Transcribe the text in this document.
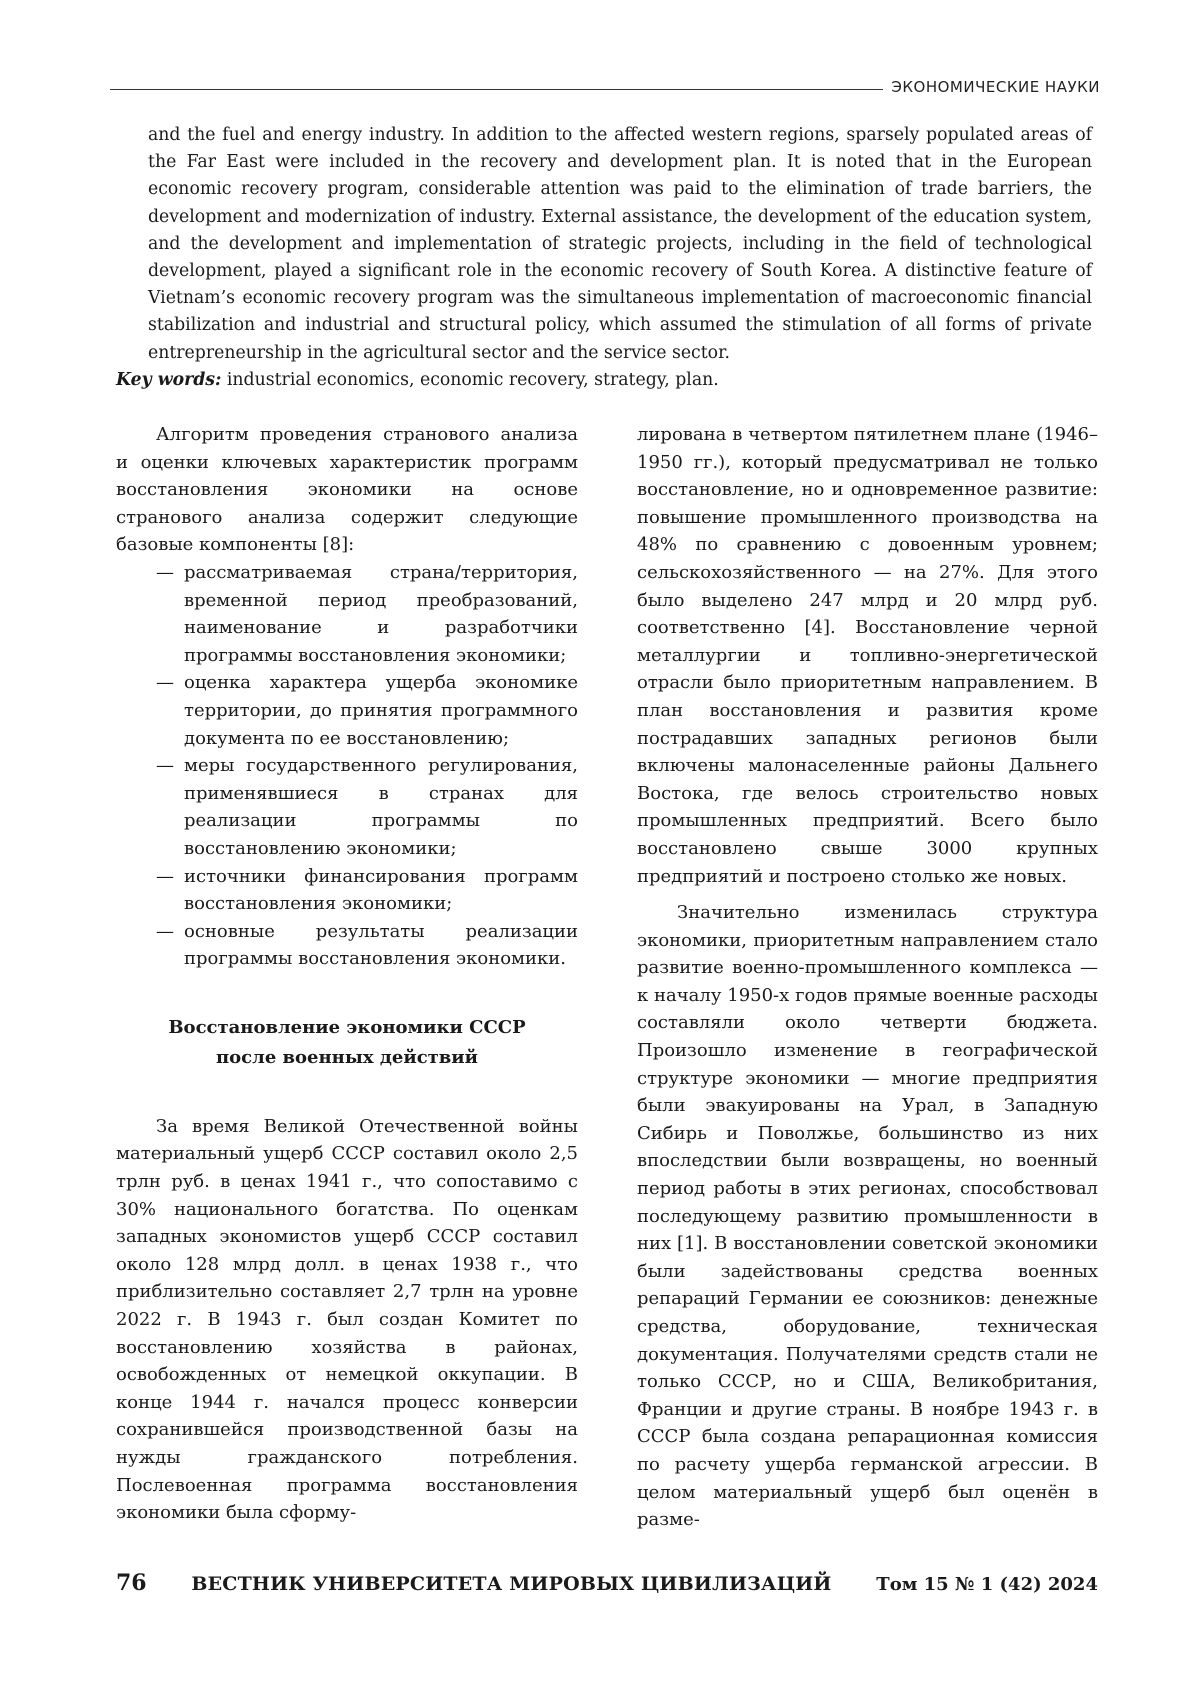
ЭКОНОМИЧЕСКИЕ НАУКИ

and the fuel and energy industry. In addition to the affected western regions, sparsely populated areas of the Far East were included in the recovery and development plan. It is noted that in the European economic recovery program, considerable attention was paid to the elimination of trade barriers, the development and modernization of industry. External assistance, the development of the education system, and the development and implementation of strategic projects, including in the field of technological development, played a significant role in the economic recovery of South Korea. A distinctive feature of Vietnam’s economic recovery program was the simultaneous implementation of macroeconomic financial stabilization and industrial and structural policy, which assumed the stimulation of all forms of private entrepreneurship in the agricultural sector and the service sector.

Key words: industrial economics, economic recovery, strategy, plan.

Алгоритм проведения странового анализа и оценки ключевых характеристик программ восстановления экономики на основе странового анализа содержит следующие базовые компоненты [8]:

— рассматриваемая страна/территория, временной период преобразований, наименование и разработчики программы восстановления экономики;
— оценка характера ущерба экономике территории, до принятия программного документа по ее восстановлению;
— меры государственного регулирования, применявшиеся в странах для реализации программы по восстановлению экономики;
— источники финансирования программ восстановления экономики;
— основные результаты реализации программы восстановления экономики.
Восстановление экономики СССР
после военных действий

За время Великой Отечественной войны материальный ущерб СССР составил около 2,5 трлн руб. в ценах 1941 г., что сопоставимо с 30% национального богатства. По оценкам западных экономистов ущерб СССР составил около 128 млрд долл. в ценах 1938 г., что приблизительно составляет 2,7 трлн на уровне 2022 г. В 1943 г. был создан Комитет по восстановлению хозяйства в районах, освобожденных от немецкой оккупации. В конце 1944 г. начался процесс конверсии сохранившейся производственной базы на нужды гражданского потребления. Послевоенная программа восстановления экономики была сформу-

лирована в четвертом пятилетнем плане (1946–1950 гг.), который предусматривал не только восстановление, но и одновременное развитие: повышение промышленного производства на 48% по сравнению с довоенным уровнем; сельскохозяйственного — на 27%. Для этого было выделено 247 млрд и 20 млрд руб. соответственно [4]. Восстановление черной металлургии и топливно-энергетической отрасли было приоритетным направлением. В план восстановления и развития кроме пострадавших западных регионов были включены малонаселенные районы Дальнего Востока, где велось строительство новых промышленных предприятий. Всего было восстановлено свыше 3000 крупных предприятий и построено столько же новых.

Значительно изменилась структура экономики, приоритетным направлением стало развитие военно-промышленного комплекса — к началу 1950-х годов прямые военные расходы составляли около четверти бюджета. Произошло изменение в географической структуре экономики — многие предприятия были эвакуированы на Урал, в Западную Сибирь и Поволжье, большинство из них впоследствии были возвращены, но военный период работы в этих регионах, способствовал последующему развитию промышленности в них [1]. В восстановлении советской экономики были задействованы средства военных репараций Германии ее союзников: денежные средства, оборудование, техническая документация. Получателями средств стали не только СССР, но и США, Великобритания, Франции и другие страны. В ноябре 1943 г. в СССР была создана репарационная комиссия по расчету ущерба германской агрессии. В целом материальный ущерб был оценён в разме-

76 ВЕСТНИК УНИВЕРСИТЕТА МИРОВЫХ ЦИВИЛИЗАЦИЙ Том 15 № 1 (42) 2024
